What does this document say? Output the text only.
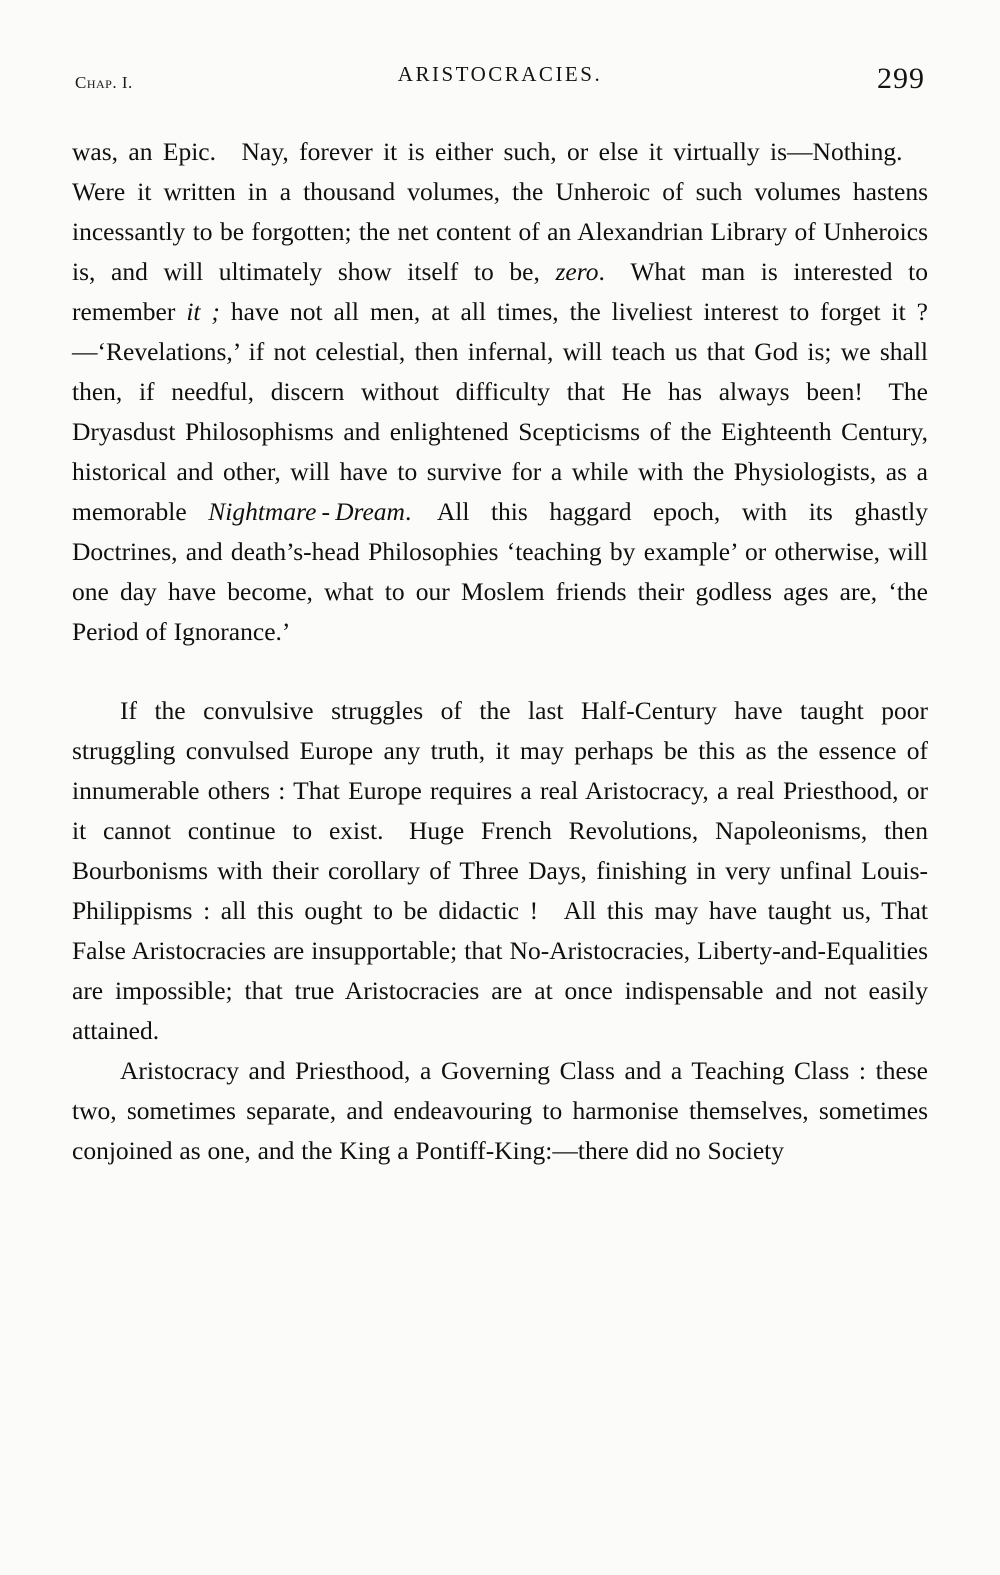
Chap. I.	ARISTOCRACIES.	299

was, an Epic. Nay, forever it is either such, or else it virtually is—Nothing. Were it written in a thousand volumes, the Unheroic of such volumes hastens incessantly to be forgotten; the net content of an Alexandrian Library of Unheroics is, and will ultimately show itself to be, zero. What man is interested to remember it ; have not all men, at all times, the liveliest interest to forget it ?—‘Revelations,’ if not celestial, then infernal, will teach us that God is; we shall then, if needful, discern without difficulty that He has always been! The Dryasdust Philosophisms and enlightened Scepticisms of the Eighteenth Century, historical and other, will have to survive for a while with the Physiologists, as a memorable Nightmare - Dream. All this haggard epoch, with its ghastly Doctrines, and death’s-head Philosophies ‘teaching by example’ or otherwise, will one day have become, what to our Moslem friends their godless ages are, ‘the Period of Ignorance.’

If the convulsive struggles of the last Half-Century have taught poor struggling convulsed Europe any truth, it may perhaps be this as the essence of innumerable others : That Europe requires a real Aristocracy, a real Priesthood, or it cannot continue to exist. Huge French Revolutions, Napoleonisms, then Bourbonisms with their corollary of Three Days, finishing in very unfinal Louis-Philippisms : all this ought to be didactic ! All this may have taught us, That False Aristocracies are insupportable; that No-Aristocracies, Liberty-and-Equalities are impossible; that true Aristocracies are at once indispensable and not easily attained.

Aristocracy and Priesthood, a Governing Class and a Teaching Class : these two, sometimes separate, and endeavouring to harmonise themselves, sometimes conjoined as one, and the King a Pontiff-King:—there did no Society
